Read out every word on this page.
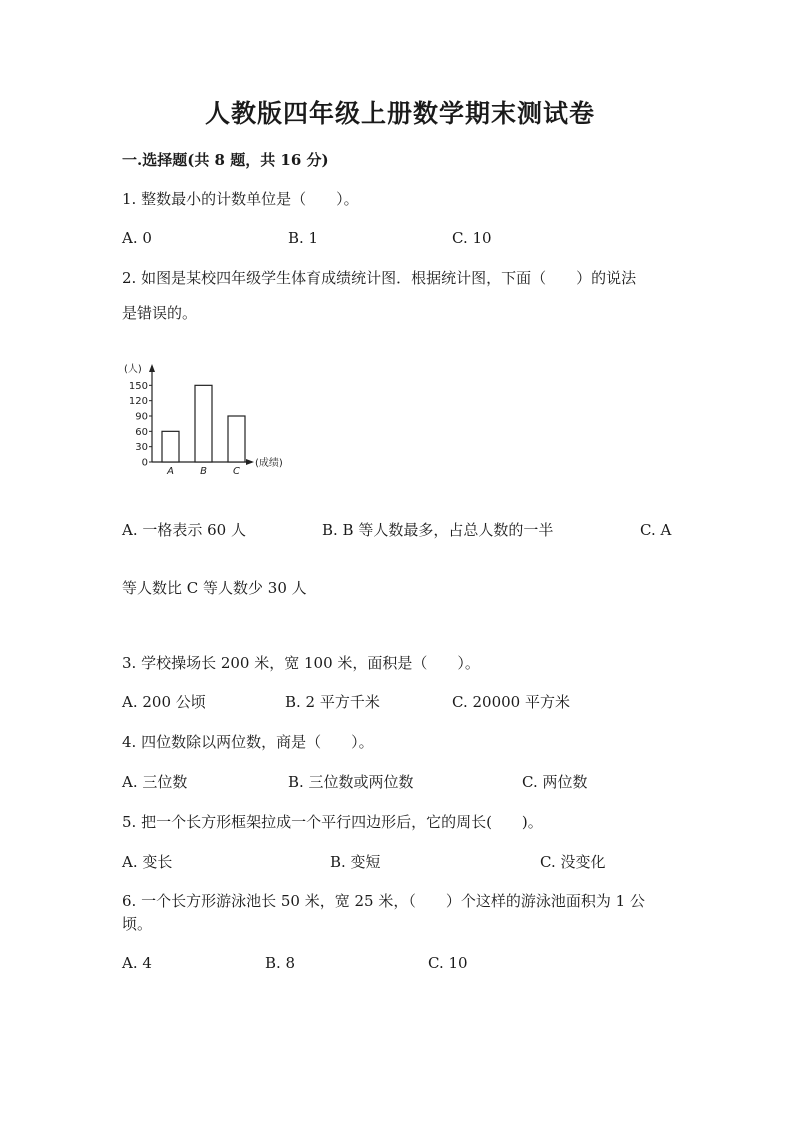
人教版四年级上册数学期末测试卷
一.选择题(共 8 题，共 16 分)
1. 整数最小的计数单位是（　　）。
A. 0	B. 1	C. 10
2. 如图是某校四年级学生体育成绩统计图．根据统计图，下面（　　）的说法
是错误的。
(人)
(成绩)
0
30
60
90
120
150
A	B	C
A. 一格表示 60 人	B. B 等人数最多，占总人数的一半	C. A
等人数比 C 等人数少 30 人
3. 学校操场长 200 米，宽 100 米，面积是（　　）。
A. 200 公顷	B. 2 平方千米	C. 20000 平方米
4. 四位数除以两位数，商是（　　）。
A. 三位数	B. 三位数或两位数	C. 两位数
5. 把一个长方形框架拉成一个平行四边形后，它的周长(　　)。
A. 变长	B. 变短	C. 没变化
6. 一个长方形游泳池长 50 米，宽 25 米，（　　）个这样的游泳池面积为 1 公
顷。
A. 4	B. 8	C. 10
